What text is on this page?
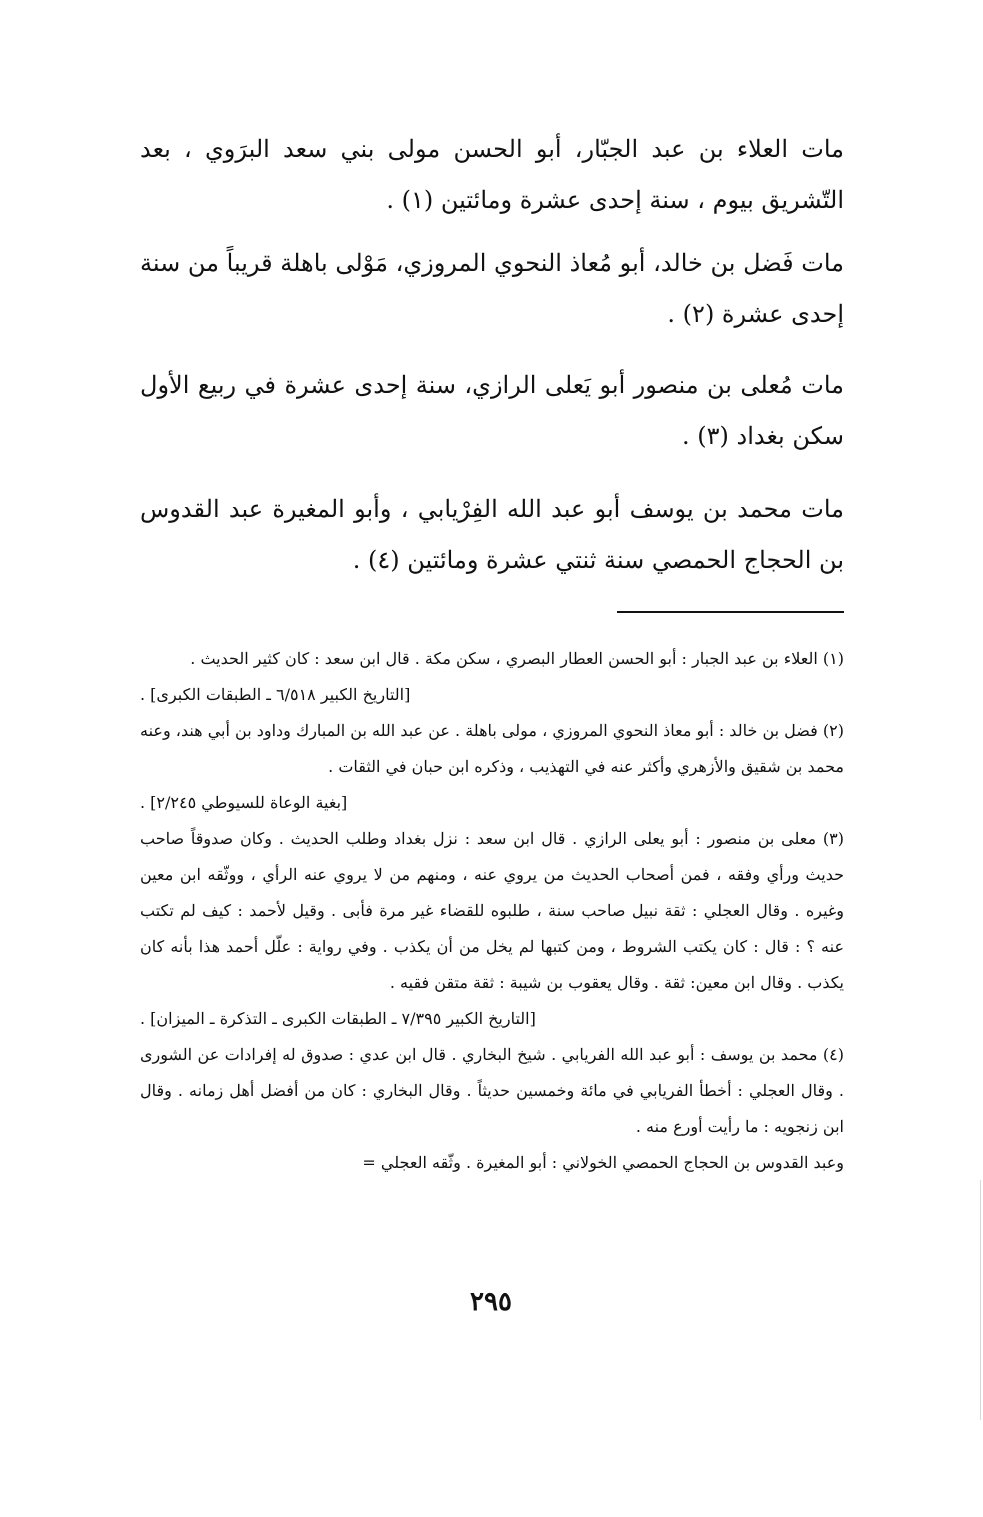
مات العلاء بن عبد الجبّار، أبو الحسن مولى بني سعد البرَوي ، بعد التّشريق بيوم ، سنة إحدى عشرة ومائتين (١) .

مات فَضل بن خالد، أبو مُعاذ النحوي المروزي، مَوْلى باهلة قريباً من سنة إحدى عشرة (٢) .

مات مُعلى بن منصور أبو يَعلى الرازي، سنة إحدى عشرة في ربيع الأول سكن بغداد (٣) .

مات محمد بن يوسف أبو عبد الله الفِرْيابي ، وأبو المغيرة عبد القدوس بن الحجاج الحمصي سنة ثنتي عشرة ومائتين (٤) .

(١) العلاء بن عبد الجبار : أبو الحسن العطار البصري ، سكن مكة . قال ابن سعد : كان كثير الحديث .

[التاريخ الكبير ٦/٥١٨ ـ الطبقات الكبرى] .

(٢) فضل بن خالد : أبو معاذ النحوي المروزي ، مولى باهلة . عن عبد الله بن المبارك وداود بن أبي هند، وعنه محمد بن شقيق والأزهري وأكثر عنه في التهذيب ، وذكره ابن حبان في الثقات .

[بغية الوعاة للسيوطي ٢/٢٤٥] .

(٣) معلى بن منصور : أبو يعلى الرازي . قال ابن سعد : نزل بغداد وطلب الحديث . وكان صدوقاً صاحب حديث ورأي وفقه ، فمن أصحاب الحديث من يروي عنه ، ومنهم من لا يروي عنه الرأي ، ووثّقه ابن معين وغيره . وقال العجلي : ثقة نبيل صاحب سنة ، طلبوه للقضاء غير مرة فأبى . وقيل لأحمد : كيف لم تكتب عنه ؟ : قال : كان يكتب الشروط ، ومن كتبها لم يخل من أن يكذب . وفي رواية : علّل أحمد هذا بأنه كان يكذب . وقال ابن معين: ثقة . وقال يعقوب بن شيبة : ثقة متقن فقيه .

[التاريخ الكبير ٧/٣٩٥ ـ الطبقات الكبرى ـ التذكرة ـ الميزان] .

(٤) محمد بن يوسف : أبو عبد الله الفريابي . شيخ البخاري . قال ابن عدي : صدوق له إفرادات عن الشورى . وقال العجلي : أخطأ الفريابي في مائة وخمسين حديثاً . وقال البخاري : كان من أفضل أهل زمانه . وقال ابن زنجويه : ما رأيت أورع منه .

وعبد القدوس بن الحجاج الحمصي الخولاني : أبو المغيرة . وثّقه العجلي =

٢٩٥
